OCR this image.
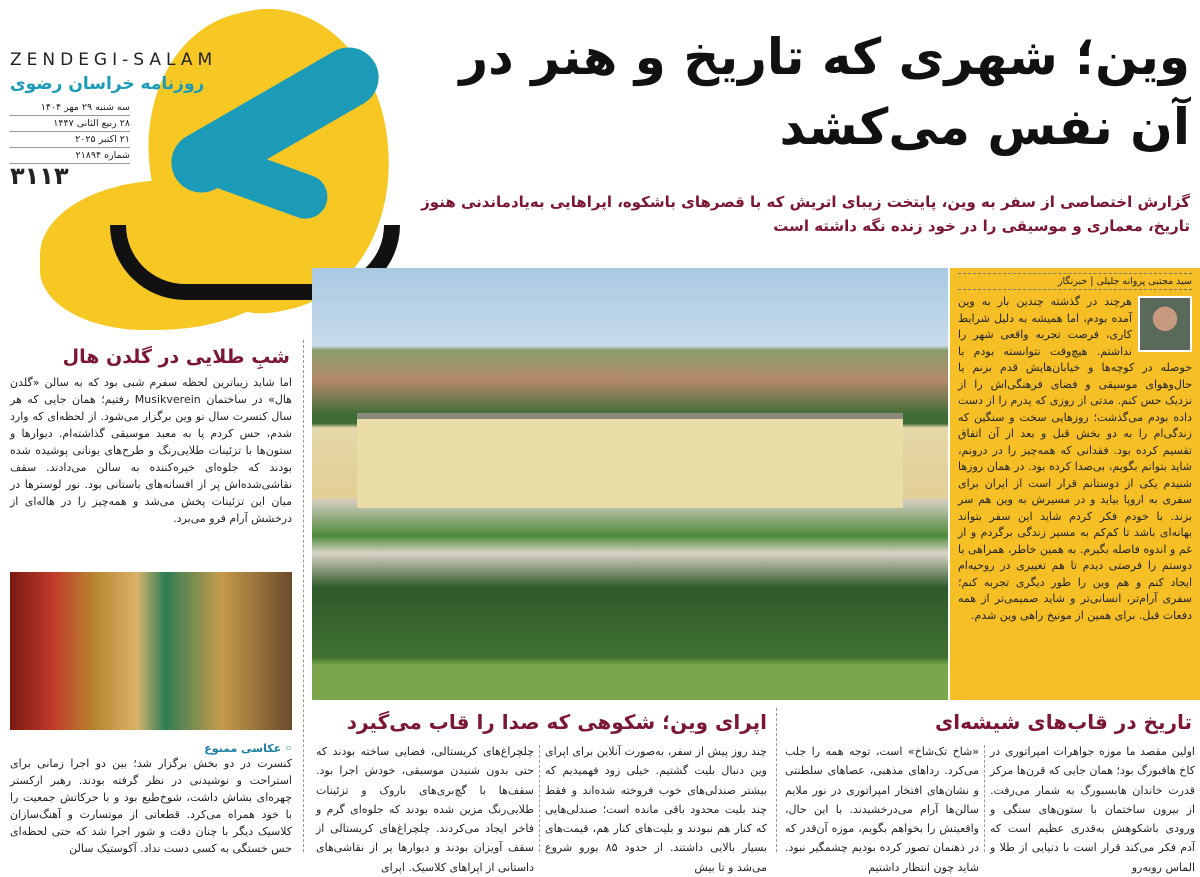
ZENDEGI-SALAM
روزنامه خراسان رضوی
سه شنبه ۲۹ مهر ۱۴۰۴
۲۸ ربیع الثانی ۱۴۴۷
۲۱ اکتبر ۲۰۲۵
شماره ۲۱۸۹۴
۳۱۱۳
وین؛ شهری که تاریخ و هنر در آن نفس می‌کشد
گزارش اختصاصی از سفر به وین، پایتخت زیبای اتریش که با قصرهای باشکوه، اپراهایی به‌یادماندنی هنوز تاریخ، معماری و موسیقی را در خود زنده نگه داشته است
سید مجتبی پروانه جلیلی | خبرنگار
هرچند در گذشته چندین بار به وین آمده بودم، اما همیشه به دلیل شرایط کاری، فرصت تجربه واقعی شهر را نداشتم. هیچ‌وقت نتوانسته بودم با حوصله در کوچه‌ها و خیابان‌هایش قدم بزنم یا حال‌وهوای موسیقی و فضای فرهنگی‌اش را از نزدیک حس کنم. مدتی از روزی که پدرم را از دست داده بودم می‌گذشت؛ روزهایی سخت و سنگین که زندگی‌ام را به دو بخش قبل و بعد از آن اتفاق تقسیم کرده بود. فقدانی که همه‌چیز را در درونم، شاید بتوانم بگویم، بی‌صدا کرده بود. در همان روزها شنیدم یکی از دوستانم قرار است از ایران برای سفری به اروپا بیاید و در مسیرش به وین هم سر بزند. با خودم فکر کردم شاید این سفر بتواند بهانه‌ای باشد تا کم‌کم به مسیر زندگی برگردم و از غم و اندوه فاصله بگیرم. به همین خاطر، همراهی با دوستم را فرصتی دیدم تا هم تغییری در روحیه‌ام ایجاد کنم و هم وین را طور دیگری تجربه کنم؛ سفری آرام‌تر، انسانی‌تر و شاید صمیمی‌تر از همه دفعات قبل. برای همین از مونیخ راهی وین شدم.
شبِ طلایی در گلدن هال
اما شاید زیباترین لحظه سفرم شبی بود که به سالن «گلدن هال» در ساختمان Musikverein رفتیم؛ همان جایی که هر سال کنسرت سال نو وین برگزار می‌شود. از لحظه‌ای که وارد شدم، حس کردم پا به معبد موسیقی گذاشته‌ام. دیوارها و ستون‌ها با تزئینات طلایی‌رنگ و طرح‌های یونانی پوشیده شده بودند که جلوه‌ای خیره‌کننده به سالن می‌دادند. سقف نقاشی‌شده‌اش پر از افسانه‌های باستانی بود. نور لوسترها در میان این تزئینات پخش می‌شد و همه‌چیز را در هاله‌ای از درخشش آرام فرو می‌برد.
◦ عکاسی ممنوع
کنسرت در دو بخش برگزار شد؛ بین دو اجرا زمانی برای استراحت و نوشیدنی در نظر گرفته بودند. رهبر ارکستر چهره‌ای بشاش داشت، شوخ‌طبع بود و با حرکاتش جمعیت را با خود همراه می‌کرد. قطعاتی از موتسارت و آهنگ‌سازان کلاسیک دیگر با چنان دقت و شور اجرا شد که حتی لحظه‌ای حس خستگی به کسی دست نداد. آکوستیک سالن
اپرای وین؛ شکوهی که صدا را قاب می‌گیرد
چند روز پیش از سفر، به‌صورت آنلاین برای اپرای وین دنبال بلیت گشتیم. خیلی زود فهمیدیم که بیشتر صندلی‌های خوب فروخته شده‌اند و فقط چند بلیت محدود باقی مانده است؛ صندلی‌هایی که کنار هم نبودند و بلیت‌های کنار هم، قیمت‌های بسیار بالایی داشتند. از حدود ۸۵ یورو شروع می‌شد و تا بیش
چلچراغ‌های کریستالی، فضایی ساخته بودند که حتی بدون شنیدن موسیقی، خودش اجرا بود. سقف‌ها با گچ‌بری‌های باروک و تزئینات طلایی‌رنگ مزین شده بودند که جلوه‌ای گرم و فاخر ایجاد می‌کردند. چلچراغ‌های کریستالی از سقف آویزان بودند و دیوارها پر از نقاشی‌های داستانی از اپراهای کلاسیک. اپرای
تاریخ در قاب‌های شیشه‌ای
اولین مقصد ما موزه جواهرات امپراتوری در کاخ هافبورگ بود؛ همان جایی که قرن‌ها مرکز قدرت خاندان هابسبورگ به شمار می‌رفت. از بیرون ساختمان با ستون‌های سنگی و ورودی باشکوهش به‌قدری عظیم است که آدم فکر می‌کند قرار است با دنیایی از طلا و الماس روبه‌رو
«شاخ تک‌شاخ» است، توجه همه را جلب می‌کرد. رداهای مذهبی، عصاهای سلطنتی و نشان‌های افتخار امپراتوری در نور ملایم سالن‌ها آرام می‌درخشیدند. با این حال، واقعیتش را بخواهم بگویم، موزه آن‌قدر که در ذهنمان تصور کرده بودیم چشمگیر نبود. شاید چون انتظار داشتیم
